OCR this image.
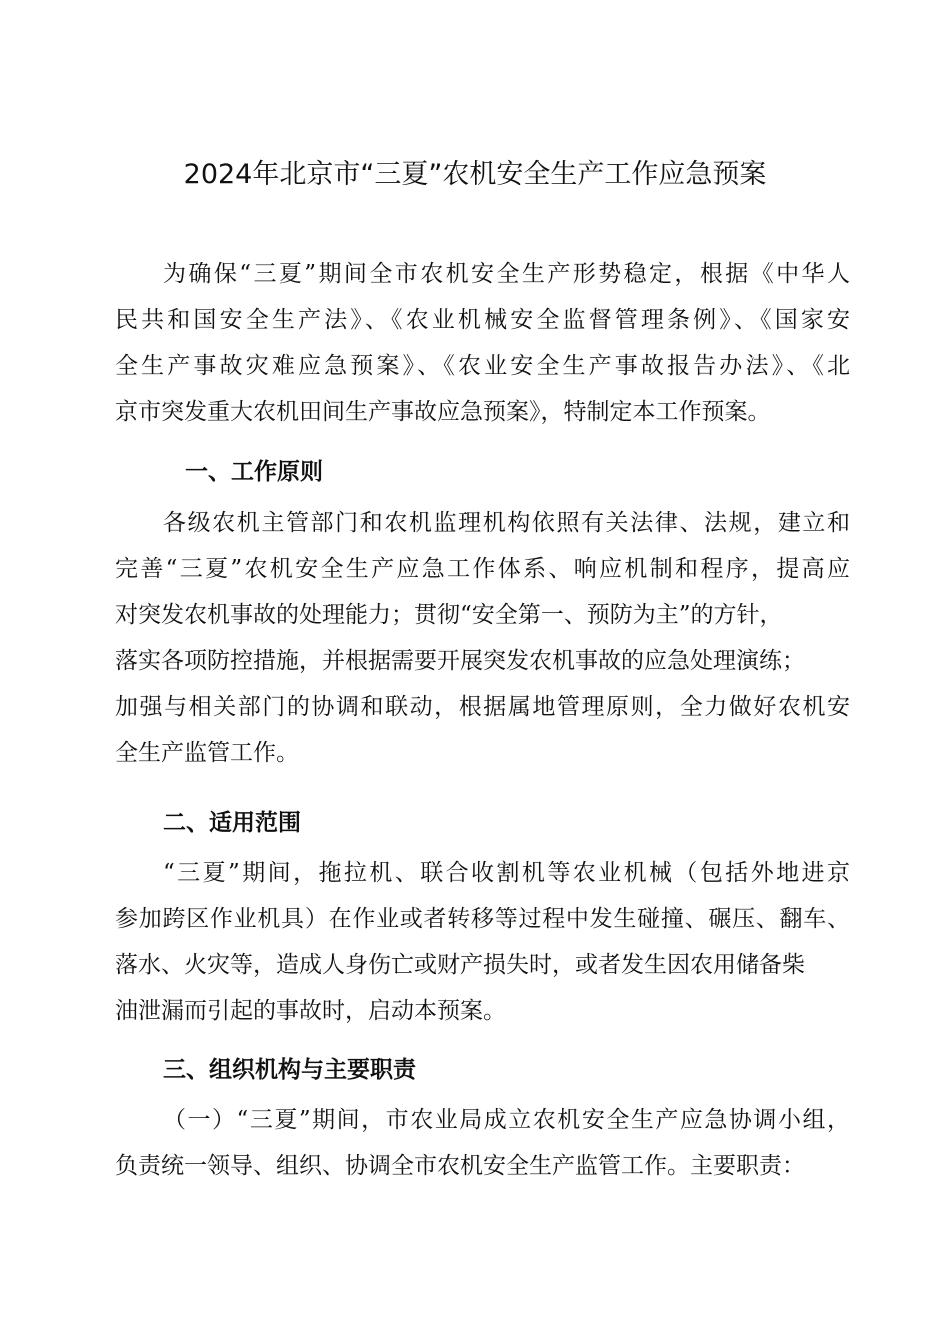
2024年北京市“三夏”农机安全生产工作应急预案
为确保“三夏”期间全市农机安全生产形势稳定，根据《中华人
民共和国安全生产法》、《农业机械安全监督管理条例》、《国家安
全生产事故灾难应急预案》、《农业安全生产事故报告办法》、《北
京市突发重大农机田间生产事故应急预案》，特制定本工作预案。
一、工作原则
各级农机主管部门和农机监理机构依照有关法律、法规，建立和
完善“三夏”农机安全生产应急工作体系、响应机制和程序，提高应
对突发农机事故的处理能力；贯彻“安全第一、预防为主”的方针，
落实各项防控措施，并根据需要开展突发农机事故的应急处理演练；
加强与相关部门的协调和联动，根据属地管理原则，全力做好农机安
全生产监管工作。
二、适用范围
“三夏”期间，拖拉机、联合收割机等农业机械（包括外地进京
参加跨区作业机具）在作业或者转移等过程中发生碰撞、碾压、翻车、
落水、火灾等，造成人身伤亡或财产损失时，或者发生因农用储备柴
油泄漏而引起的事故时，启动本预案。
三、组织机构与主要职责
（一）“三夏”期间，市农业局成立农机安全生产应急协调小组，
负责统一领导、组织、协调全市农机安全生产监管工作。主要职责：
